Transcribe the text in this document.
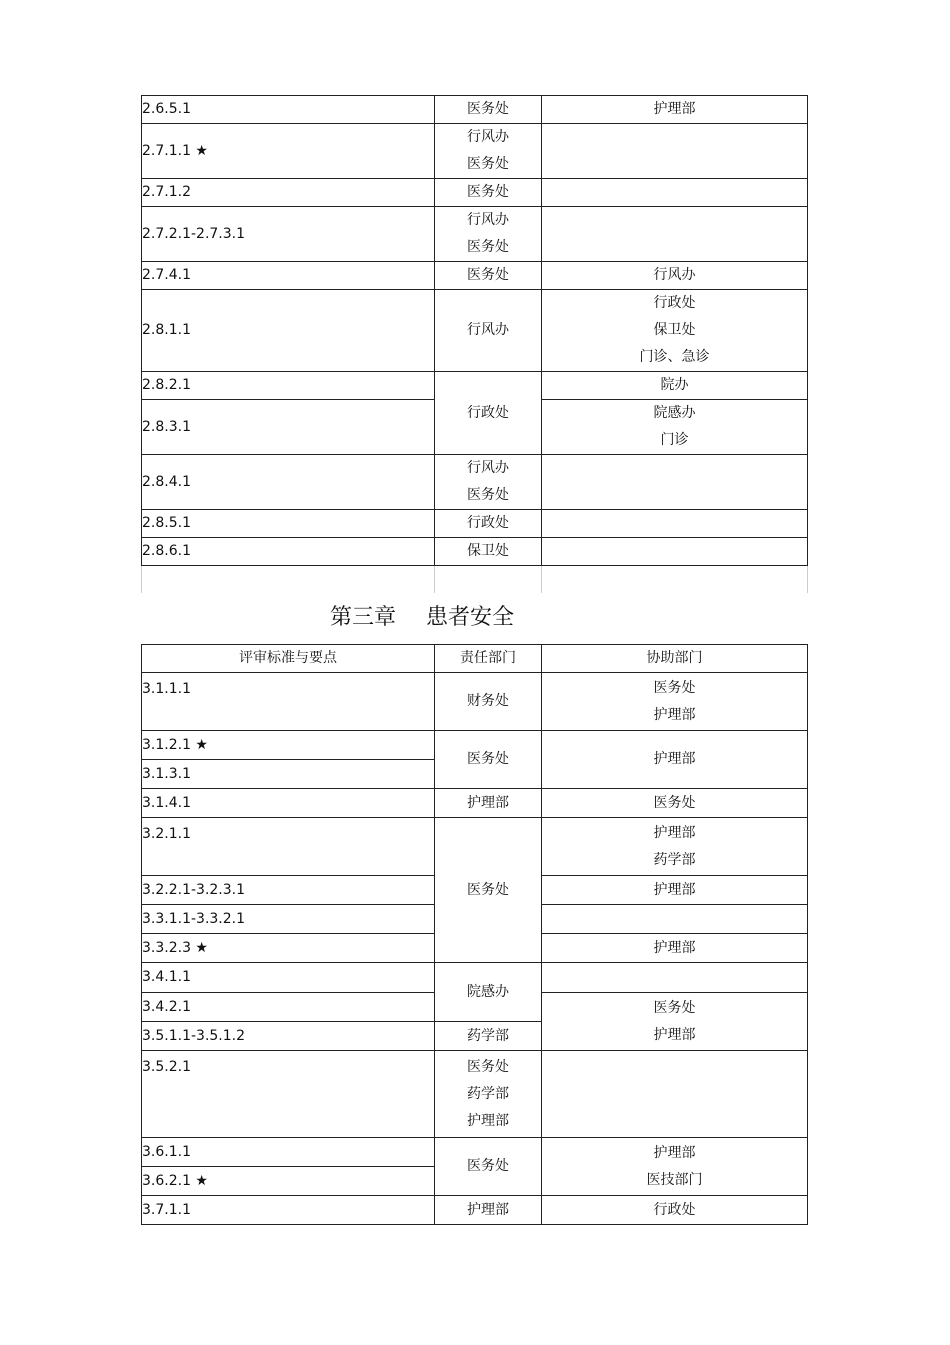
2.6.5.1	医务处	护理部

2.7.1.1 ★	行风办
医务处	

2.7.1.2	医务处	

2.7.2.1-2.7.3.1	行风办
医务处	

2.7.4.1	医务处	行风办

2.8.1.1	行风办	行政处
保卫处
门诊、急诊

2.8.2.1	行政处	院办

2.8.3.1		院感办
门诊

2.8.4.1	行风办
医务处	

2.8.5.1	行政处	

2.8.6.1	保卫处	

第三章 患者安全
评审标准与要点	责任部门	协助部门
3.1.1.1	财务处	医务处
护理部

3.1.2.1 ★	医务处	护理部

3.1.3.1		
3.1.4.1	护理部	医务处

3.2.1.1	医务处	护理部
药学部

3.2.2.1-3.2.3.1		护理部

3.3.1.1-3.3.2.1		
3.3.2.3 ★		护理部

3.4.1.1	院感办	

3.4.2.1		医务处
护理部

3.5.1.1-3.5.1.2	药学部	

3.5.2.1	医务处
药学部
护理部	

3.6.1.1	医务处	护理部
医技部门

3.6.2.1 ★		
3.7.1.1	护理部	行政处
